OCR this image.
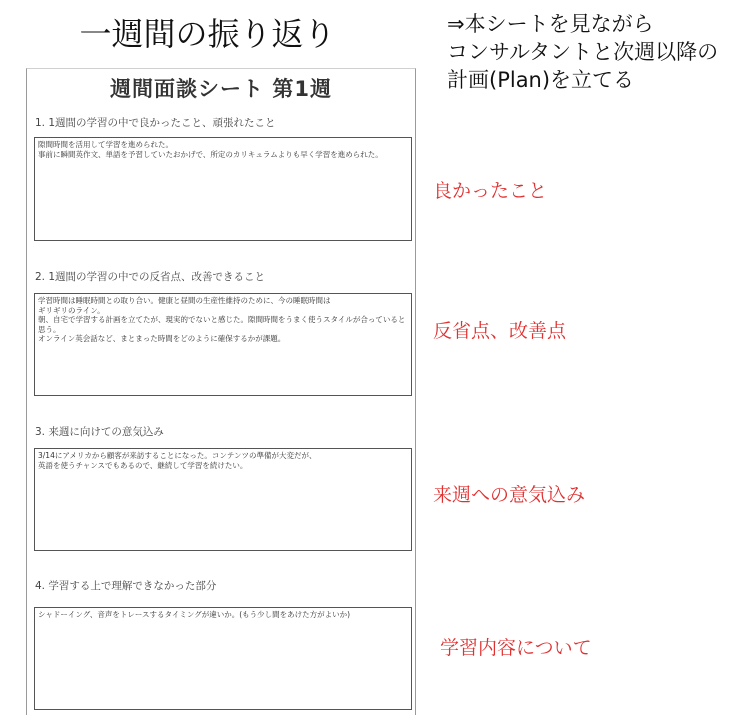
一週間の振り返り	⇒本シートを見ながら
コンサルタントと次週以降の
計画(Plan)を立てる
週間面談シート 第1週
1. 1週間の学習の中で良かったこと、頑張れたこと
隙間時間を活用して学習を進められた。
事前に瞬間英作文、単語を予習していたおかげで、所定のカリキュラムよりも早く学習を進められた。
2. 1週間の学習の中での反省点、改善できること
学習時間は睡眠時間との取り合い。健康と昼間の生産性維持のために、今の睡眠時間は
ギリギリのライン。
朝、自宅で学習する計画を立てたが、現実的でないと感じた。隙間時間をうまく使うスタイルが合っていると思う。
オンライン英会話など、まとまった時間をどのように確保するかが課題。
3. 来週に向けての意気込み
3/14にアメリカから顧客が来訪することになった。コンテンツの準備が大変だが、
英語を使うチャンスでもあるので、継続して学習を続けたい。
4. 学習する上で理解できなかった部分
シャドーイング、音声をトレースするタイミングが違いか。(もう少し間をあけた方がよいか)
良かったこと
反省点、改善点
来週への意気込み
学習内容について
